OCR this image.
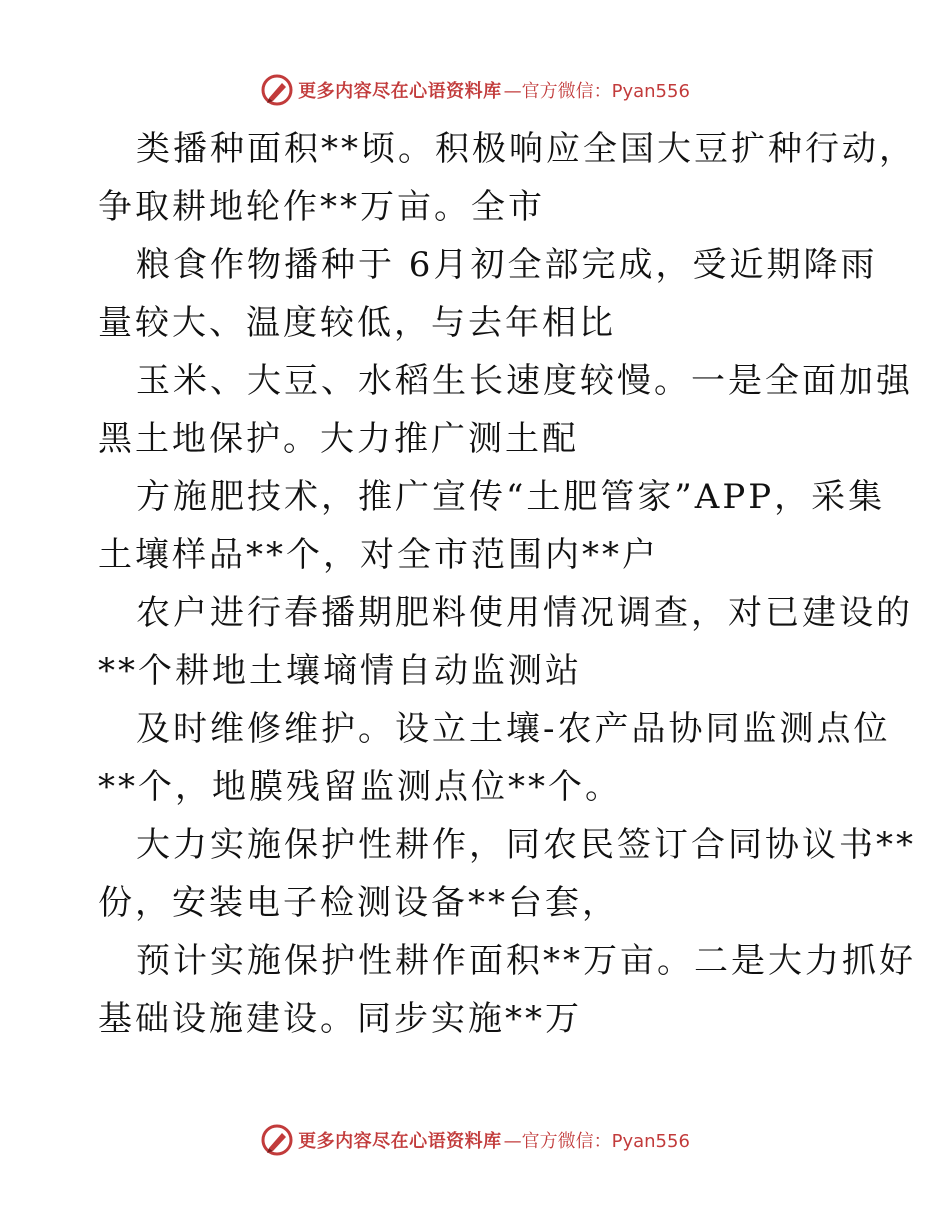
更多内容尽在心语资料库 —官方微信：Pyan556

类播种面积**顷。积极响应全国大豆扩种行动，
争取耕地轮作**万亩。全市

粮食作物播种于 6月初全部完成，受近期降雨
量较大、温度较低，与去年相比

玉米、大豆、水稻生长速度较慢。一是全面加强
黑土地保护。大力推广测土配

方施肥技术，推广宣传“土肥管家”APP，采集
土壤样品**个，对全市范围内**户

农户进行春播期肥料使用情况调查，对已建设的
**个耕地土壤墒情自动监测站

及时维修维护。设立土壤-农产品协同监测点位
**个，地膜残留监测点位**个。

大力实施保护性耕作，同农民签订合同协议书**
份，安装电子检测设备**台套，

预计实施保护性耕作面积**万亩。二是大力抓好
基础设施建设。同步实施**万

更多内容尽在心语资料库 —官方微信：Pyan556
